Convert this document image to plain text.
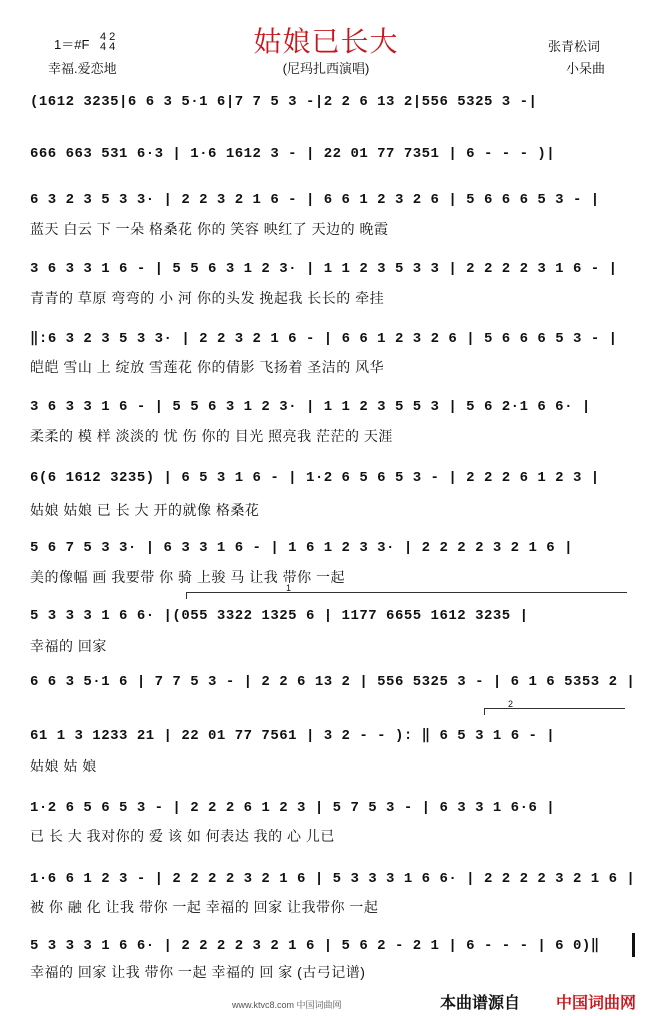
姑娘已长大
1＝#F 4 2
4 4
幸福.爱恋地	(尼玛扎西演唱)
张青松词
小呆曲
(1612 3235|6 6 3 5·1 6|7 7 5 3 -|2 2 6 13 2|556 5325 3 -|
666 663 531 6·3 | 1·6 1612 3 - | 22 01 77 7351 | 6 - - - )|
6 3 2 3 5 3 3· | 2 2 3 2 1 6 - | 6 6 1 2 3 2 6 | 5 6 6 6 5 3 - |
蓝天 白云 下 一朵 格桑花 你的 笑容 映红了 天边的 晚霞
3 6 3 3 1 6 - | 5 5 6 3 1 2 3· | 1 1 2 3 5 3 3 | 2 2 2 2 3 1 6 - |
青青的 草原 弯弯的 小 河 你的头发 挽起我 长长的 牵挂
‖:6 3 2 3 5 3 3· | 2 2 3 2 1 6 - | 6 6 1 2 3 2 6 | 5 6 6 6 5 3 - |
皑皑 雪山 上 绽放 雪莲花 你的倩影 飞扬着 圣洁的 风华
3 6 3 3 1 6 - | 5 5 6 3 1 2 3· | 1 1 2 3 5 5 3 | 5 6 2·1 6 6· |
柔柔的 模 样 淡淡的 忧 伤 你的 目光 照亮我 茫茫的 天涯
6(6 1612 3235) | 6 5 3 1 6 - | 1·2 6 5 6 5 3 - | 2 2 2 6 1 2 3 |
姑娘 姑娘 已 长 大 开的就像 格桑花
5 6 7 5 3 3· | 6 3 3 1 6 - | 1 6 1 2 3 3· | 2 2 2 2 3 2 1 6 |
美的像幅 画 我要带 你 骑 上骏 马 让我 带你 一起
1
5 3 3 3 1 6 6· |(055 3322 1325 6 | 1177 6655 1612 3235 |
幸福的 回家
6 6 3 5·1 6 | 7 7 5 3 - | 2 2 6 13 2 | 556 5325 3 - | 6 1 6 5353 2 |
2
61 1 3 1233 21 | 22 01 77 7561 | 3 2 - - ): ‖ 6 5 3 1 6 - |
姑娘 姑 娘
1·2 6 5 6 5 3 - | 2 2 2 6 1 2 3 | 5 7 5 3 - | 6 3 3 1 6·6 |
已 长 大 我对你的 爱 该 如 何表达 我的 心 儿已
1·6 6 1 2 3 - | 2 2 2 2 3 2 1 6 | 5 3 3 3 1 6 6· | 2 2 2 2 3 2 1 6 |
被 你 融 化 让我 带你 一起 幸福的 回家 让我带你 一起
5 3 3 3 1 6 6· | 2 2 2 2 3 2 1 6 | 5 6 2 - 2 1 | 6 - - - | 6 0)‖
幸福的 回家 让我 带你 一起 幸福的 回 家 (古弓记谱)
www.ktvc8.com 中国词曲网	本曲谱源自 中国词曲网
